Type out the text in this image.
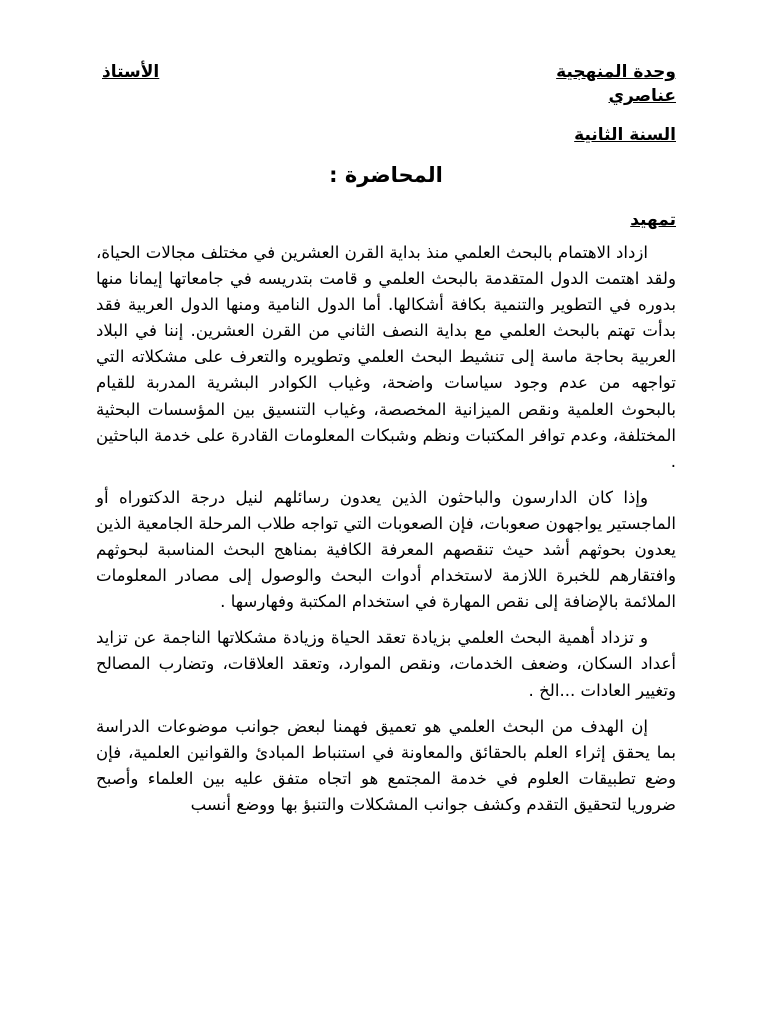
وحدة المنهجية
الأستاذ
عناصري
السنة الثانية
المحاضرة :
تمهيد

ازداد الاهتمام بالبحث العلمي منذ بداية القرن العشرين في مختلف مجالات الحياة، ولقد اهتمت الدول المتقدمة بالبحث العلمي و قامت بتدريسه في جامعاتها إيمانا منها بدوره في التطوير والتنمية بكافة أشكالها. أما الدول النامية ومنها الدول العربية فقد بدأت تهتم بالبحث العلمي مع بداية النصف الثاني من القرن العشرين. إننا في البلاد العربية بحاجة ماسة إلى تنشيط البحث العلمي وتطويره والتعرف على مشكلاته التي تواجهه من عدم وجود سياسات واضحة، وغياب الكوادر البشرية المدربة للقيام بالبحوث العلمية ونقص الميزانية المخصصة، وغياب التنسيق بين المؤسسات البحثية المختلفة، وعدم توافر المكتبات ونظم وشبكات المعلومات القادرة على خدمة الباحثين .

وإذا كان الدارسون والباحثون الذين يعدون رسائلهم لنيل درجة الدكتوراه أو الماجستير يواجهون صعوبات، فإن الصعوبات التي تواجه طلاب المرحلة الجامعية الذين يعدون بحوثهم أشد حيث تنقصهم المعرفة الكافية بمناهج البحث المناسبة لبحوثهم وافتقارهم للخبرة اللازمة لاستخدام أدوات البحث والوصول إلى مصادر المعلومات الملائمة بالإضافة إلى نقص المهارة في استخدام المكتبة وفهارسها .

و تزداد أهمية البحث العلمي بزيادة تعقد الحياة وزيادة مشكلاتها الناجمة عن تزايد أعداد السكان، وضعف الخدمات، ونقص الموارد، وتعقد العلاقات، وتضارب المصالح وتغيير العادات ...الخ .

إن الهدف من البحث العلمي هو تعميق فهمنا لبعض جوانب موضوعات الدراسة بما يحقق إثراء العلم بالحقائق والمعاونة في استنباط المبادئ والقوانين العلمية، فإن وضع تطبيقات العلوم في خدمة المجتمع هو اتجاه متفق عليه بين العلماء وأصبح ضروريا لتحقيق التقدم وكشف جوانب المشكلات والتنبؤ بها ووضع أنسب
